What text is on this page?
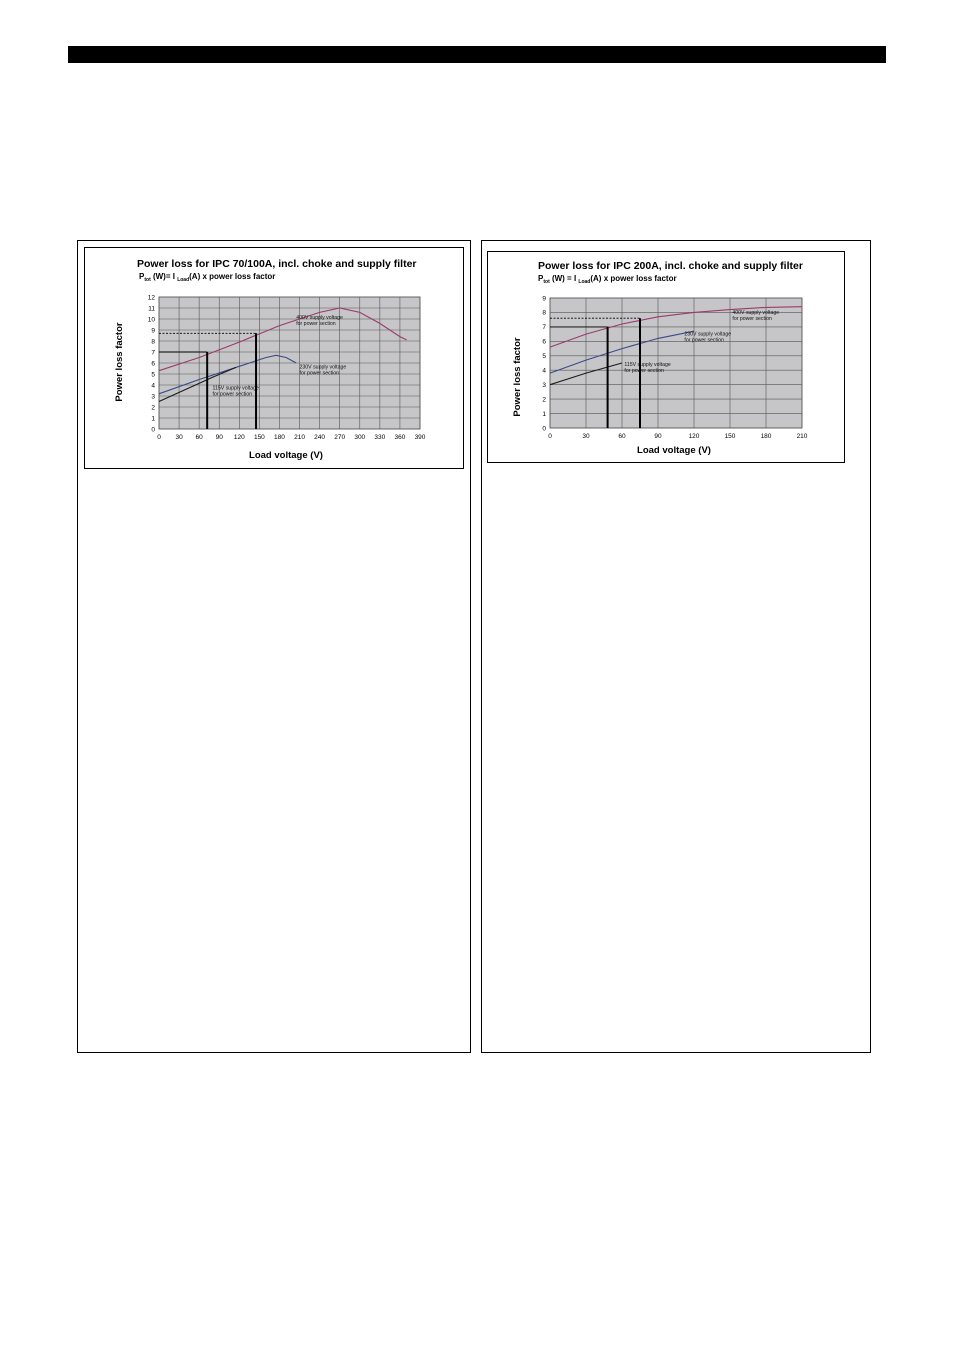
Power loss for IPC 70/100A, incl. choke and supply filter
$P_{tot}$ (W)= I $_{Load}$(A) x power loss factor
0 30 60 90 120 150 180 210 240 270 300 330 360 390
0
1
2
3
4
5
6
7
8
9
10
11
12
400V supply voltage for power section
230V supply voltage for power section
115V supply voltage for power section
Power loss factor
Load voltage (V)
Power loss for IPC 200A, incl. choke and supply filter
$P_{tot}$ (W) = I $_{Load}$(A) x power loss factor
0	30	60	90	120	150	180	210
0
1
2
3
4
5
6
7
8
9
400V supply voltage for power section
230V supply voltage for power section
115V supply voltage for power section
Power loss factor
Load voltage (V)
